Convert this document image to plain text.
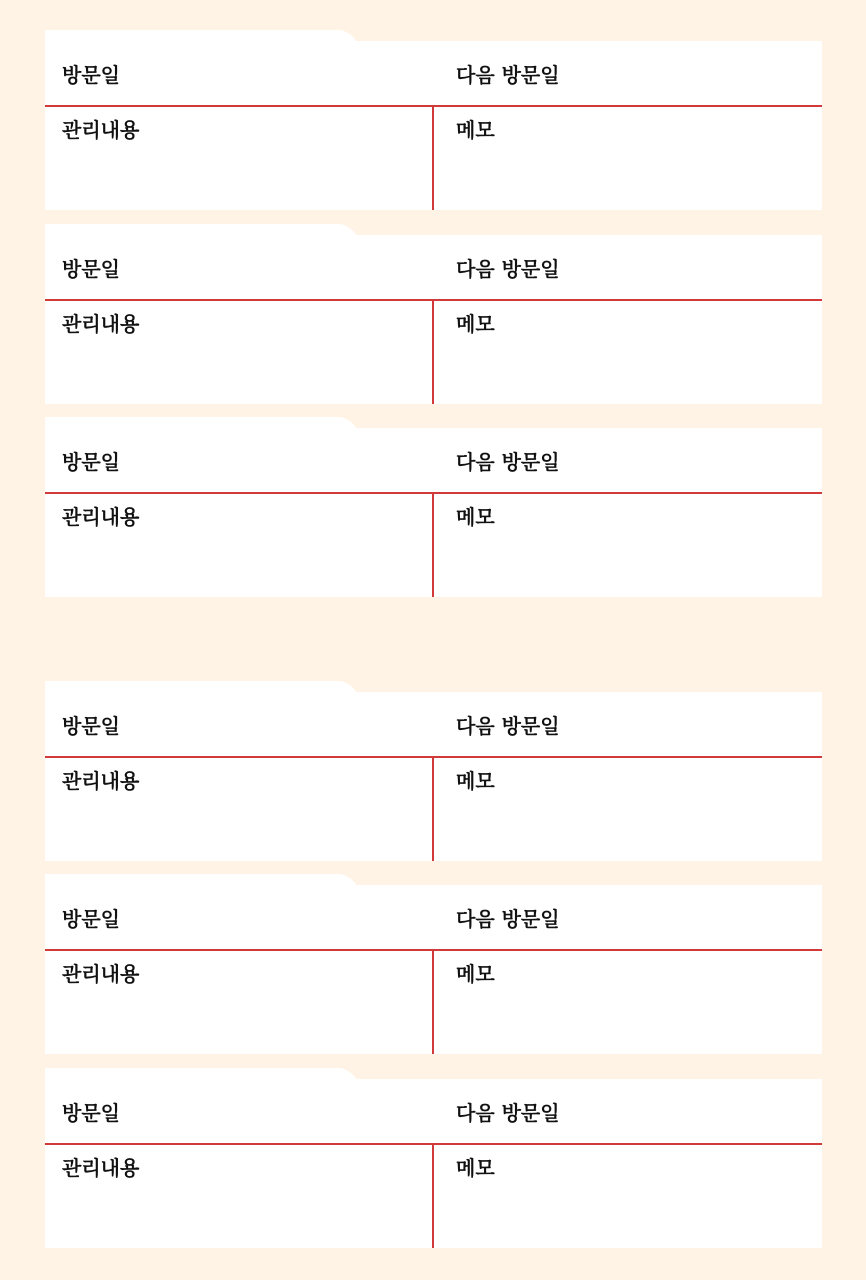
방문일	다음 방문일
관리내용	메모
방문일	다음 방문일
관리내용	메모
방문일	다음 방문일
관리내용	메모
방문일	다음 방문일
관리내용	메모
방문일	다음 방문일
관리내용	메모
방문일	다음 방문일
관리내용	메모
